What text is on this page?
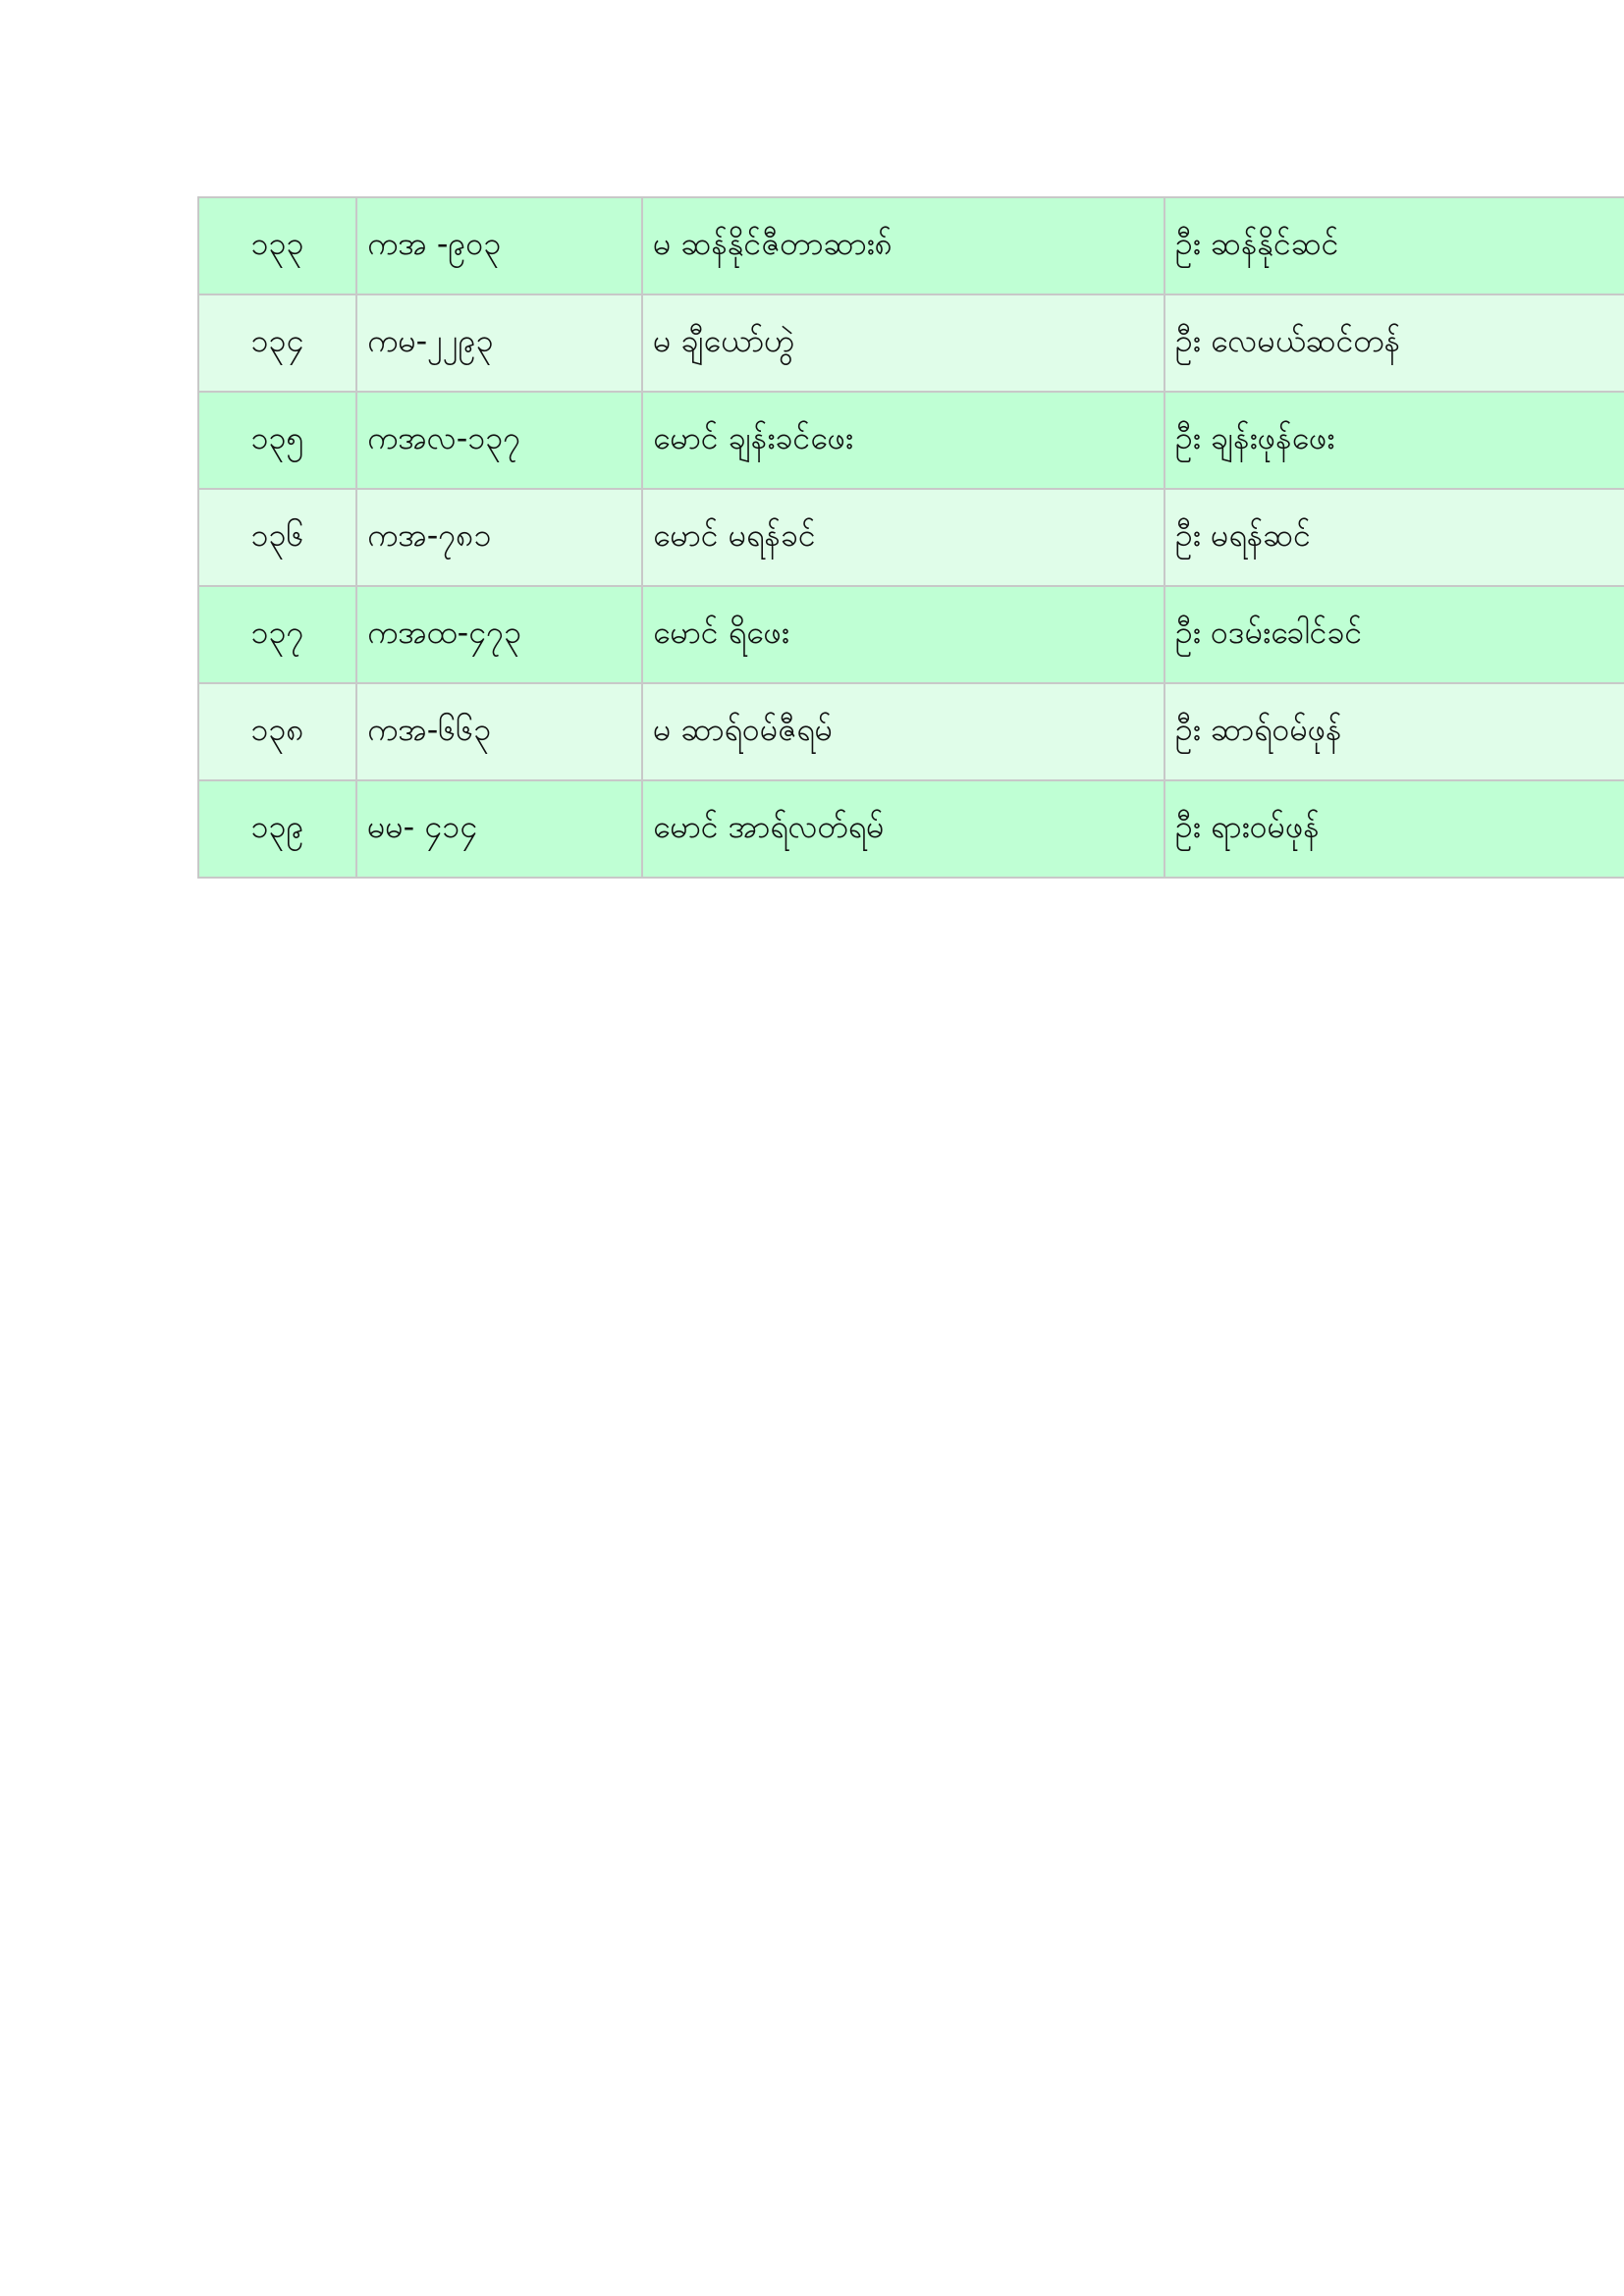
၁၃၃	ကအ -၉၀၃	မ ဆန်နိုင်ဇီတာဆား၈်	ဦး ဆန်နိုင်ဆင်
၁၃၄	ကမ-၂၂၉၃	မ ချီယော်ဟွဲ	ဦး လေမယ်ဆင်တန်
၁၃၅	ကအလ-၁၃၇	မောင် ချန်းခင်ဖေး	ဦး ချန်းဖုန်ဖေး
၁၃၆	ကအ-၇၈၁	မောင် မရန်ခင်	ဦး မရန်ဆင်
၁၃၇	ကအထ-၄၇၃	မောင် ရိဖေး	ဦး ဝဒမ်းခေါင်ခင်
၁၃၈	ကအ-၆၆၃	မ ဆာရ်ဝမ်ဇီရမ်	ဦး ဆာရ်ဝမ်ဖုန်
၁၃၉	မမ- ၄၁၄	မောင် အာရ်လတ်ရမ်	ဦး ရားဝမ်ဖုန်
